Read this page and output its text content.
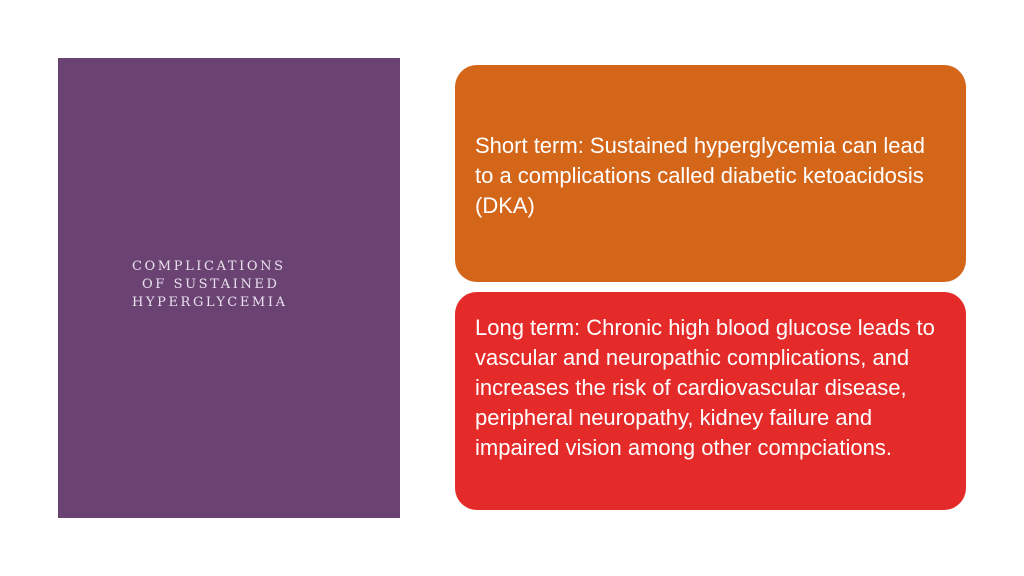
COMPLICATIONS
OF SUSTAINED
HYPERGLYCEMIA
Short term: Sustained hyperglycemia can lead to a complications called diabetic ketoacidosis (DKA)
Long term: Chronic high blood glucose leads to vascular and neuropathic complications, and increases the risk of cardiovascular disease, peripheral neuropathy, kidney failure and impaired vision among other compciations.
